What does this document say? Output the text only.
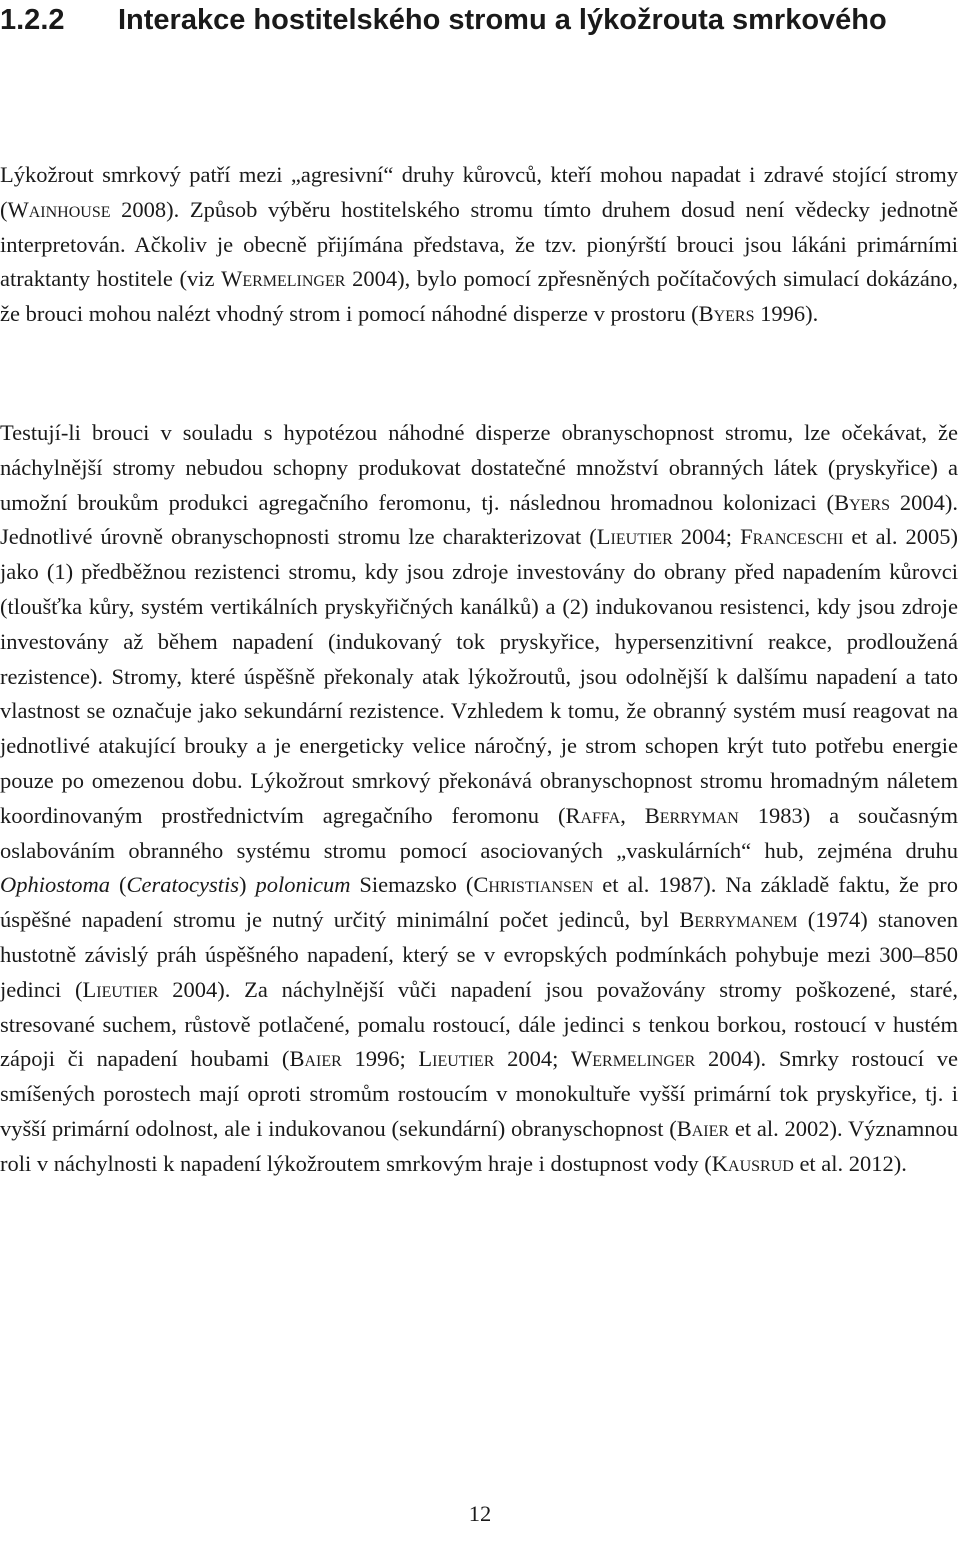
1.2.2 Interakce hostitelského stromu a lýkožrouta smrkového

Lýkožrout smrkový patří mezi „agresivní“ druhy kůrovců, kteří mohou napadat i zdravé stojící stromy (Wainhouse 2008). Způsob výběru hostitelského stromu tímto druhem dosud není vědecky jednotně interpretován. Ačkoliv je obecně přijímána představa, že tzv. pionýrští brouci jsou lákáni primárními atraktanty hostitele (viz Wermelinger 2004), bylo pomocí zpřesněných počítačových simulací dokázáno, že brouci mohou nalézt vhodný strom i pomocí náhodné disperze v prostoru (Byers 1996).

Testují-li brouci v souladu s hypotézou náhodné disperze obranyschopnost stromu, lze očekávat, že náchylnější stromy nebudou schopny produkovat dostatečné množství obranných látek (pryskyřice) a umožní broukům produkci agregačního feromonu, tj. následnou hromadnou kolonizaci (Byers 2004). Jednotlivé úrovně obranyschopnosti stromu lze charakterizovat (Lieutier 2004; Franceschi et al. 2005) jako (1) předběžnou rezistenci stromu, kdy jsou zdroje investovány do obrany před napadením kůrovci (tloušťka kůry, systém vertikálních pryskyřičných kanálků) a (2) indukovanou resistenci, kdy jsou zdroje investovány až během napadení (indukovaný tok pryskyřice, hypersenzitivní reakce, prodloužená rezistence). Stromy, které úspěšně překonaly atak lýkožroutů, jsou odolnější k dalšímu napadení a tato vlastnost se označuje jako sekundární rezistence. Vzhledem k tomu, že obranný systém musí reagovat na jednotlivé atakující brouky a je energeticky velice náročný, je strom schopen krýt tuto potřebu energie pouze po omezenou dobu. Lýkožrout smrkový překonává obranyschopnost stromu hromadným náletem koordinovaným prostřednictvím agregačního feromonu (Raffa, Berryman 1983) a současným oslabováním obranného systému stromu pomocí asociovaných „vaskulárních“ hub, zejména druhu Ophiostoma (Ceratocystis) polonicum Siemazsko (Christiansen et al. 1987). Na základě faktu, že pro úspěšné napadení stromu je nutný určitý minimální počet jedinců, byl Berrymanem (1974) stanoven hustotně závislý práh úspěšného napadení, který se v evropských podmínkách pohybuje mezi 300–850 jedinci (Lieutier 2004). Za náchylnější vůči napadení jsou považovány stromy poškozené, staré, stresované suchem, růstově potlačené, pomalu rostoucí, dále jedinci s tenkou borkou, rostoucí v hustém zápoji či napadení houbami (Baier 1996; Lieutier 2004; Wermelinger 2004). Smrky rostoucí ve smíšených porostech mají oproti stromům rostoucím v monokultuře vyšší primární tok pryskyřice, tj. i vyšší primární odolnost, ale i indukovanou (sekundární) obranyschopnost (Baier et al. 2002). Významnou roli v náchylnosti k napadení lýkožroutem smrkovým hraje i dostupnost vody (Kausrud et al. 2012).

12
